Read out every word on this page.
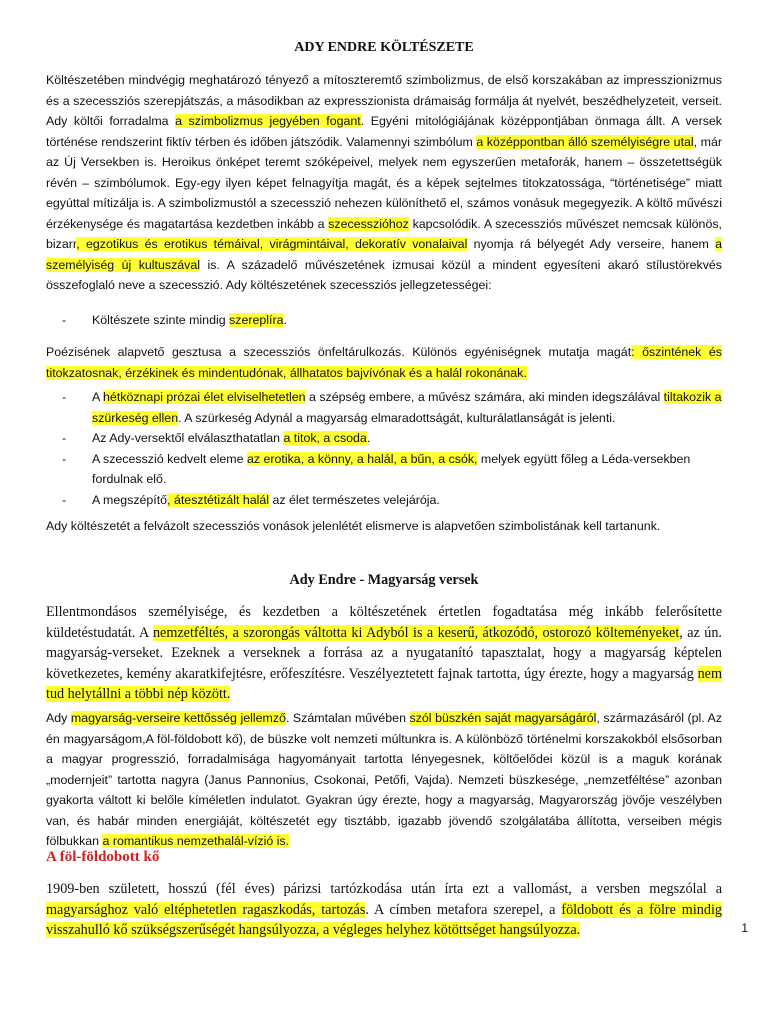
ADY ENDRE KÖLTÉSZETE

Költészetében mindvégig meghatározó tényező a mítoszteremtő szimbolizmus, de első korszakában az impresszionizmus és a szecessziós szerepjátszás, a másodikban az expresszionista drámaiság formálja át nyelvét, beszédhelyzeteit, verseit. Ady költői forradalma a szimbolizmus jegyében fogant. Egyéni mitológiájának középpontjában önmaga állt. A versek történése rendszerint fiktív térben és időben játszódik. Valamennyi szimbólum a középpontban álló személyiségre utal, már az Új Versekben is. Heroikus önképet teremt szóképeivel, melyek nem egyszerűen metaforák, hanem – összetettségük révén – szimbólumok. Egy-egy ilyen képet felnagyítja magát, és a képek sejtelmes titokzatossága, “történetisége” miatt egyúttal mítizálja is. A szimbolizmustól a szecesszió nehezen különíthető el, számos vonásuk megegyezik. A költő művészi érzékenysége és magatartása kezdetben inkább a szecesszióhoz kapcsolódik. A szecessziós művészet nemcsak különös, bizarr, egzotikus és erotikus témáival, virágmintáival, dekoratív vonalaival nyomja rá bélyegét Ady verseire, hanem a személyiség új kultuszával is. A századelő művészetének izmusai közül a mindent egyesíteni akaró stílustörekvés összefoglaló neve a szecesszió. Ady költészetének szecessziós jellegzetességei:

- Költészete szinte mindig szereplíra.

Poézisének alapvető gesztusa a szecessziós önfeltárulkozás. Különös egyéniségnek mutatja magát: őszintének és titokzatosnak, érzékinek és mindentudónak, állhatatos bajvívónak és a halál rokonának.

- A hétköznapi prózai élet elviselhetetlen a szépség embere, a művész számára, aki minden idegszálával tiltakozik a szürkeség ellen. A szürkeség Adynál a magyarság elmaradottságát, kulturálatlanságát is jelenti.
- Az Ady-versektől elválaszthatatlan a titok, a csoda.
- A szecesszió kedvelt eleme az erotika, a könny, a halál, a bűn, a csók, melyek együtt főleg a Léda-versekben fordulnak elő.
- A megszépítő, átesztétizált halál az élet természetes velejárója.

Ady költészetét a felvázolt szecessziós vonások jelenlétét elismerve is alapvetően szimbolistának kell tartanunk.

Ady Endre - Magyarság versek

Ellentmondásos személyisége, és kezdetben a költészetének értetlen fogadtatása még inkább felerősítette küldetéstudatát. A nemzetféltés, a szorongás váltotta ki Adyból is a keserű, átkozódó, ostorozó költeményeket, az ún. magyarság-verseket. Ezeknek a verseknek a forrása az a nyugatanító tapasztalat, hogy a magyarság képtelen következetes, kemény akaratkifejtésre, erőfeszítésre. Veszélyeztetett fajnak tartotta, úgy érezte, hogy a magyarság nem tud helytállni a többi nép között.

Ady magyarság-verseire kettősség jellemző. Számtalan művében szól büszkén saját magyarságáról, származásáról (pl. Az én magyarságom,A föl-földobott kő), de büszke volt nemzeti múltunkra is. A különböző történelmi korszakokból elsősorban a magyar progresszió, forradalmisága hagyományait tartotta lényegesnek, költőelődei közül is a maguk korának „modernjeit” tartotta nagyra (Janus Pannonius, Csokonai, Petőfi, Vajda). Nemzeti büszkesége, „nemzetféltése” azonban gyakorta váltott ki belőle kíméletlen indulatot. Gyakran úgy érezte, hogy a magyarság, Magyarország jövője veszélyben van, és habár minden energiáját, költészetét egy tisztább, igazabb jövendő szolgálatába állította, verseiben mégis fölbukkan a romantikus nemzethalál-vízió is.

A föl-földobott kő

1909-ben született, hosszú (fél éves) párizsi tartózkodása után írta ezt a vallomást, a versben megszólal a magyarsághoz való eltéphetetlen ragaszkodás, tartozás. A címben metafora szerepel, a földobott és a fölre mindig visszahulló kő szükségszerűségét hangsúlyozza, a végleges helyhez kötöttséget hangsúlyozza.	1
